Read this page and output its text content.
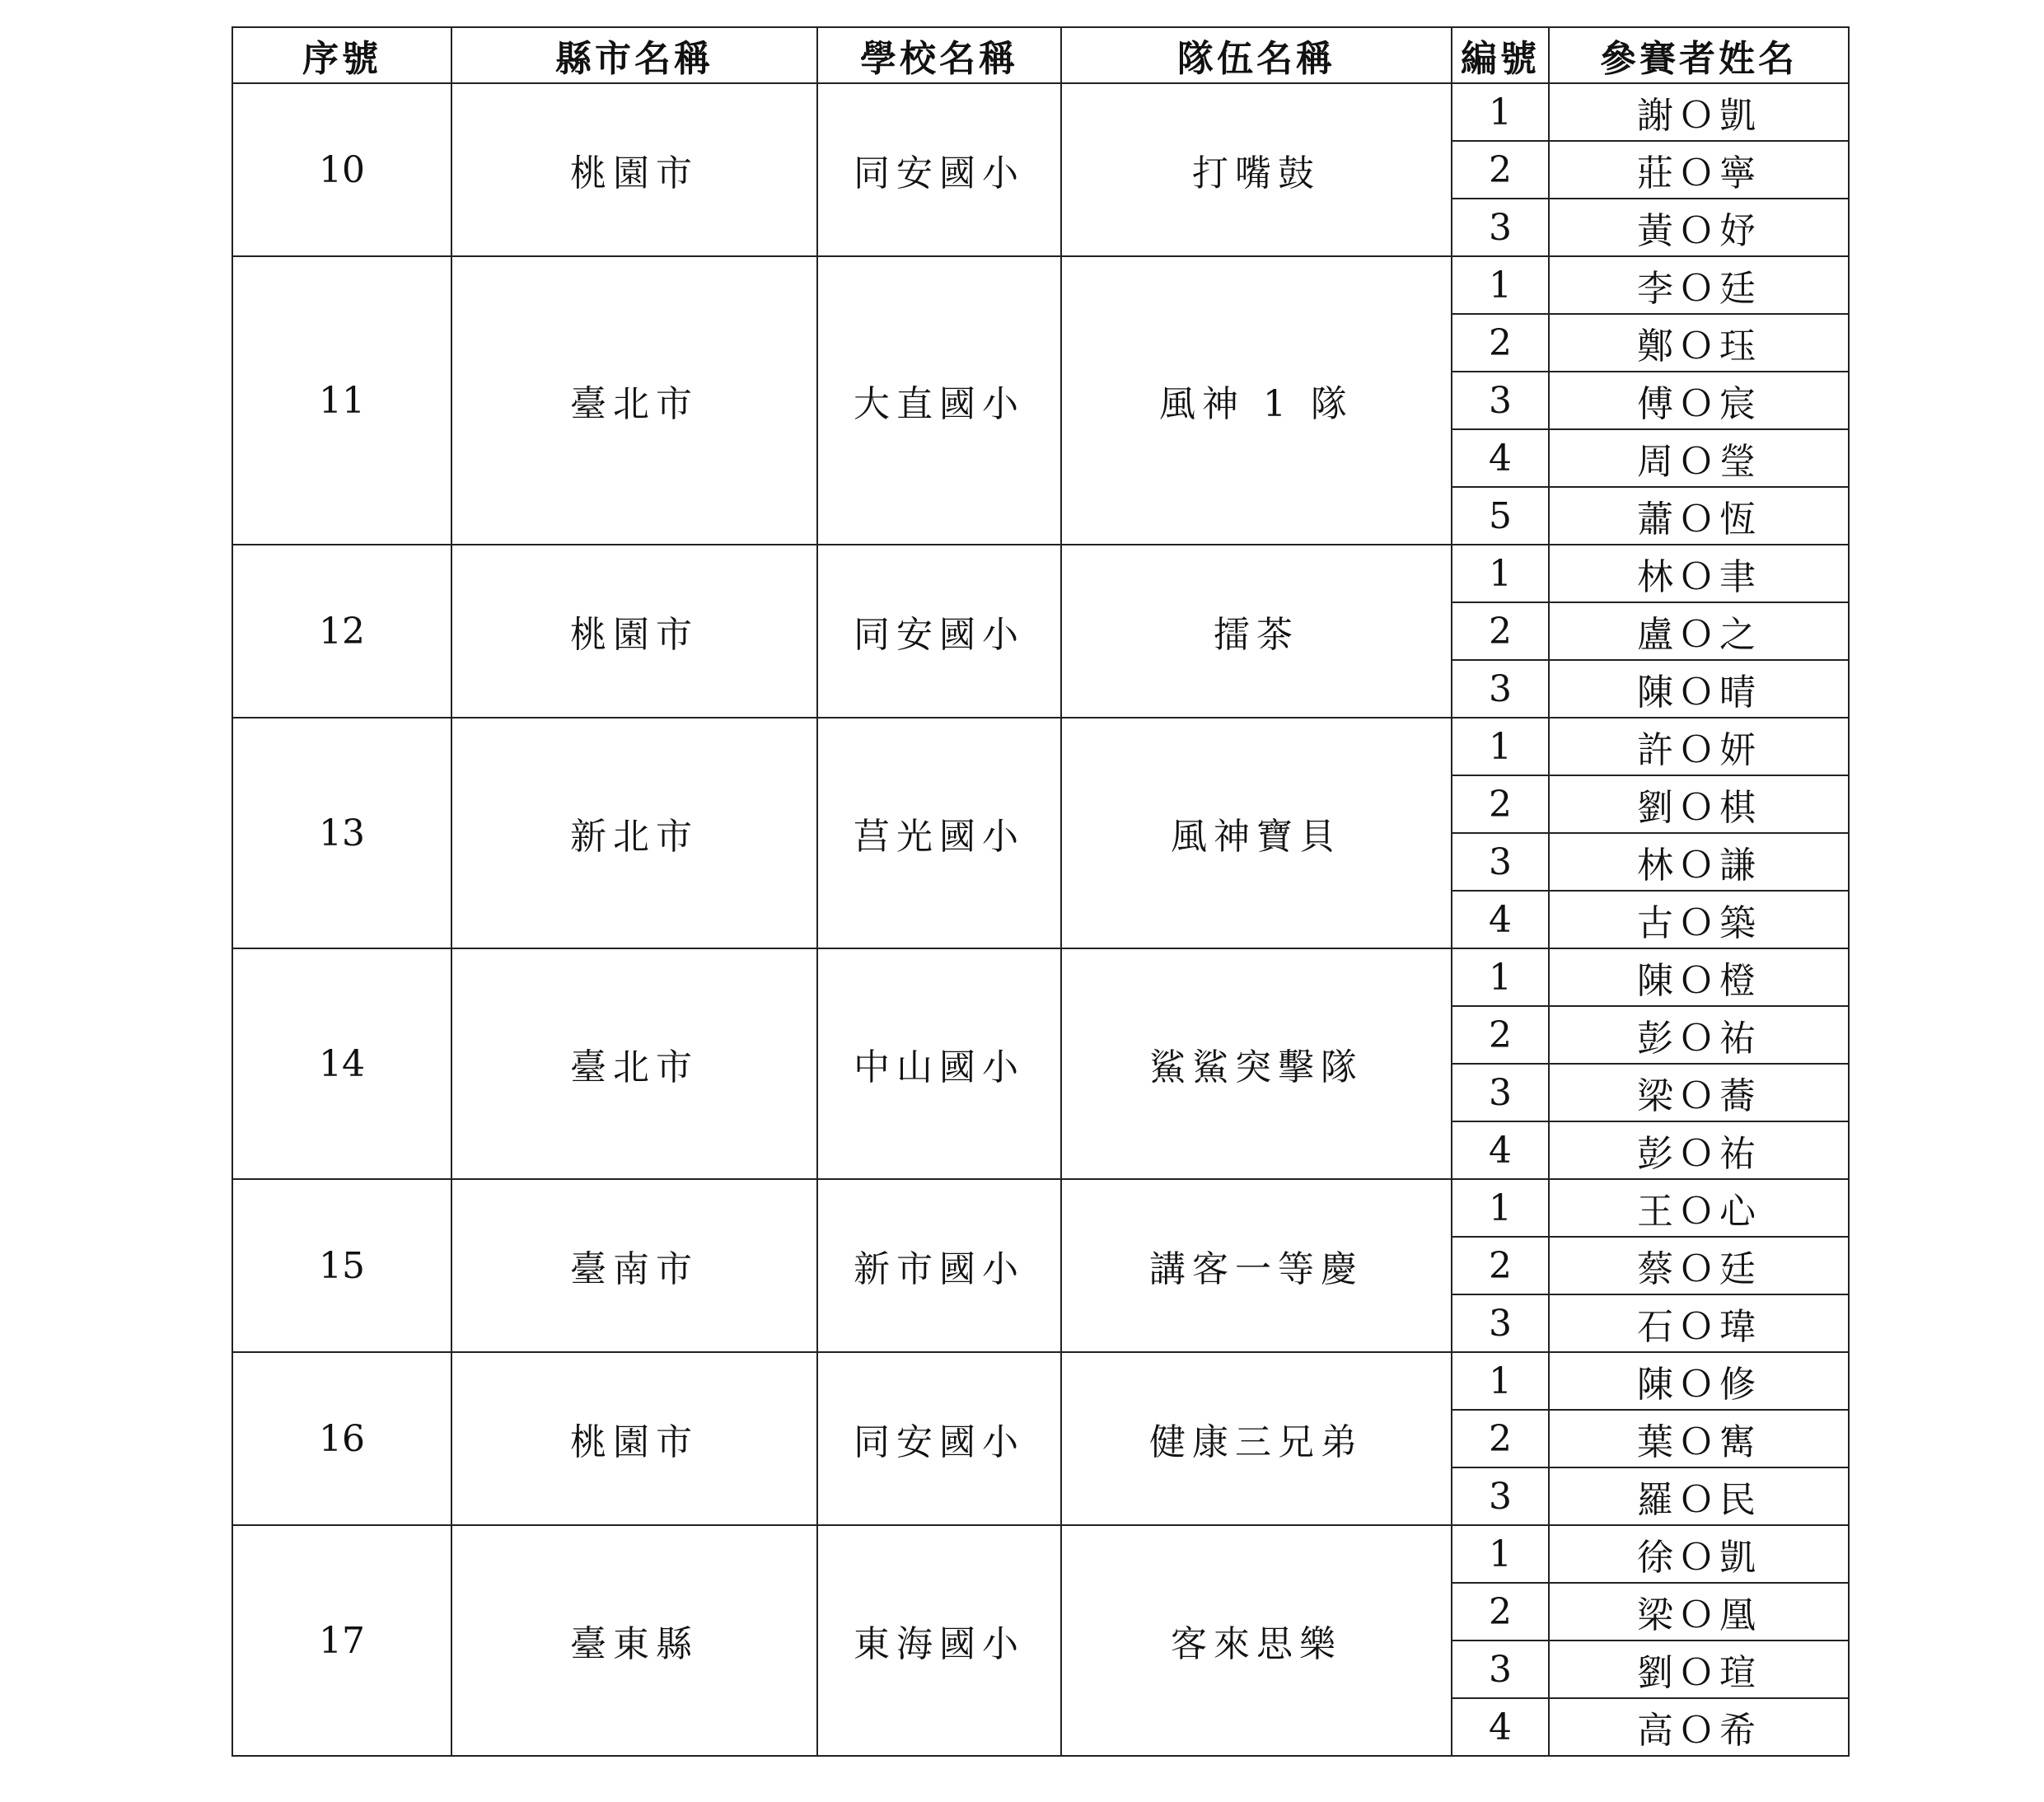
序號	縣市名稱	學校名稱	隊伍名稱	編號	參賽者姓名
10	桃園市	同安國小	打嘴鼓	1	謝Ｏ凱
				2	莊Ｏ寧
				3	黃Ｏ妤
11	臺北市	大直國小	風神 1 隊	1	李Ｏ廷
				2	鄭Ｏ珏
				3	傅Ｏ宸
				4	周Ｏ瑩
				5	蕭Ｏ恆
12	桃園市	同安國小	擂茶	1	林Ｏ聿
				2	盧Ｏ之
				3	陳Ｏ晴
13	新北市	莒光國小	風神寶貝	1	許Ｏ妍
				2	劉Ｏ棋
				3	林Ｏ謙
				4	古Ｏ築
14	臺北市	中山國小	鯊鯊突擊隊	1	陳Ｏ橙
				2	彭Ｏ祐
				3	梁Ｏ蕎
				4	彭Ｏ祐
15	臺南市	新市國小	講客一等慶	1	王Ｏ心
				2	蔡Ｏ廷
				3	石Ｏ瑋
16	桃園市	同安國小	健康三兄弟	1	陳Ｏ修
				2	葉Ｏ寯
				3	羅Ｏ民
17	臺東縣	東海國小	客來思樂	1	徐Ｏ凱
				2	梁Ｏ凰
				3	劉Ｏ瑄
				4	高Ｏ希
